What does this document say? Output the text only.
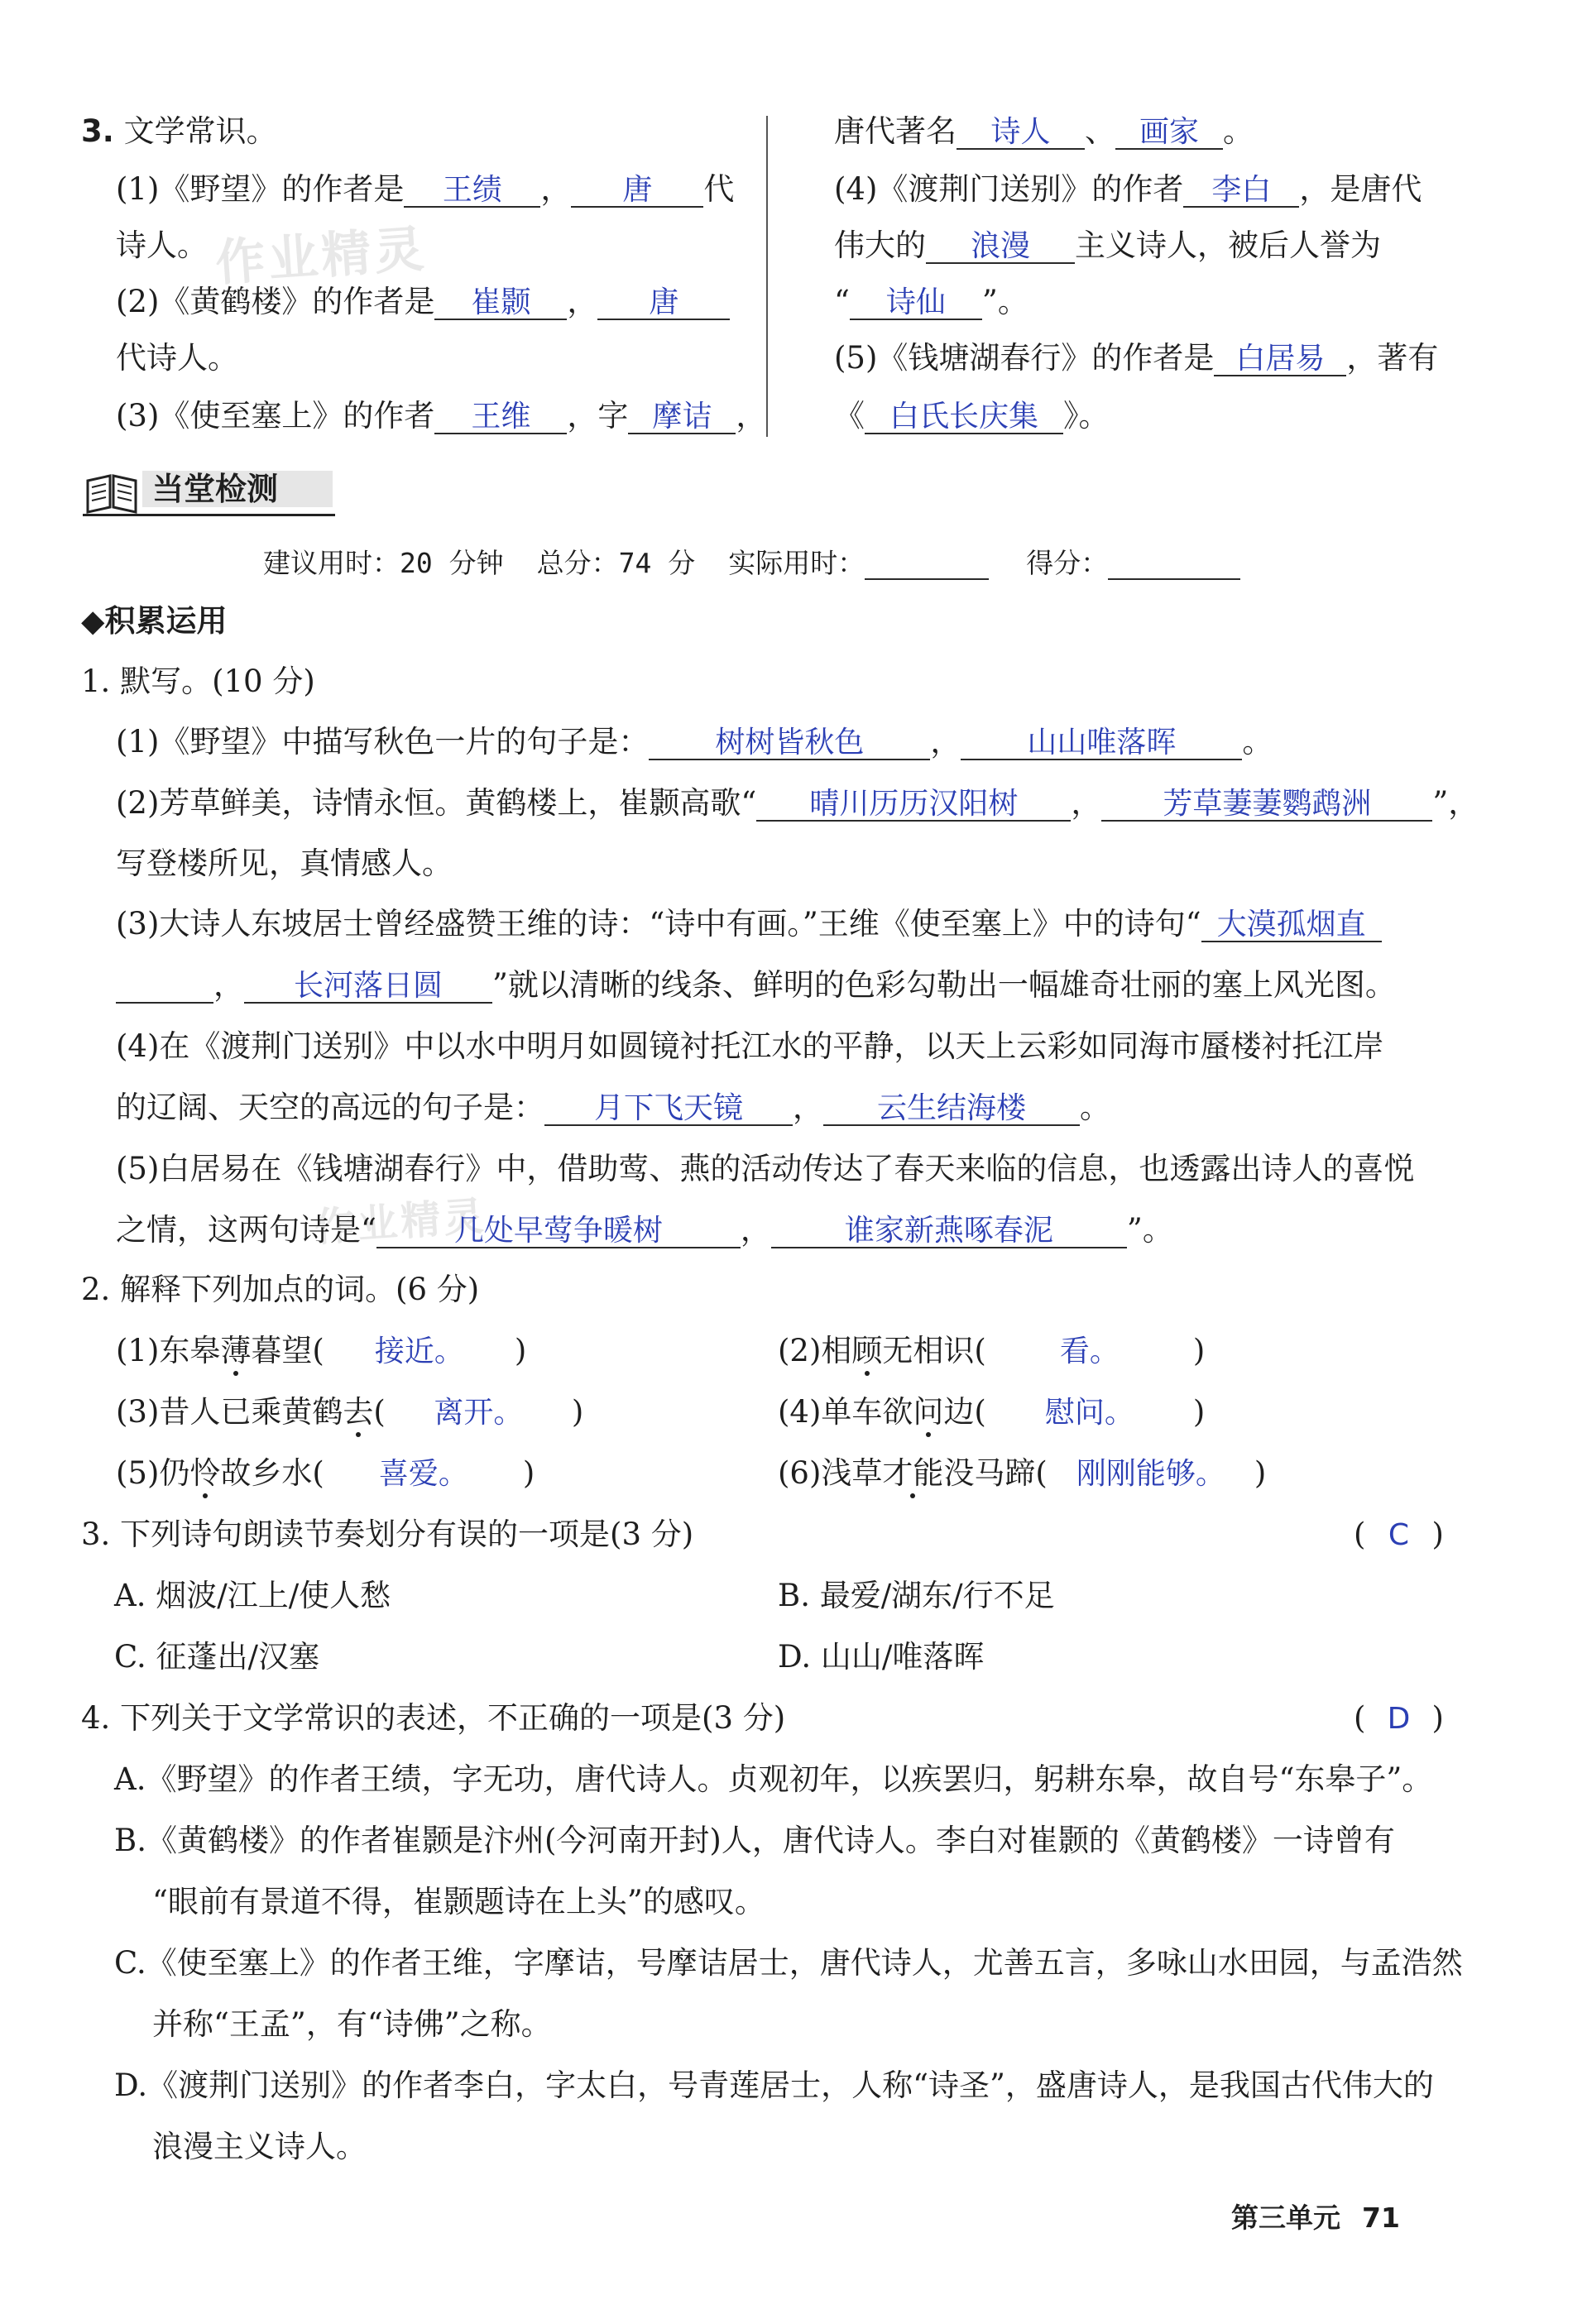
作业精灵
作业精灵
3. 文学常识。
(1)《野望》的作者是 王绩 ， 唐 代
诗人。
(2)《黄鹤楼》的作者是 崔颢 ， 唐
代诗人。
(3)《使至塞上》的作者 王维 ，字 摩诘 ，
唐代著名 诗人 、 画家 。
(4)《渡荆门送别》的作者 李白 ，是唐代
伟大的 浪漫 主义诗人，被后人誉为
“ 诗仙 ”。
(5)《钱塘湖春行》的作者是 白居易 ，著有
《 白氏长庆集 》。
当堂检测
建议用时：20 分钟 总分：74 分 实际用时：	得分：
◆积累运用
1. 默写。(10 分)
(1)《野望》中描写秋色一片的句子是： 树树皆秋色 ， 山山唯落晖 。
(2)芳草鲜美，诗情永恒。黄鹤楼上，崔颢高歌“ 晴川历历汉阳树 ， 芳草萋萋鹦鹉洲 ”，
写登楼所见，真情感人。
(3)大诗人东坡居士曾经盛赞王维的诗：“诗中有画。”王维《使至塞上》中的诗句“ 大漠孤烟直
， 长河落日圆 ”就以清晰的线条、鲜明的色彩勾勒出一幅雄奇壮丽的塞上风光图。
(4)在《渡荆门送别》中以水中明月如圆镜衬托江水的平静，以天上云彩如同海市蜃楼衬托江岸
的辽阔、天空的高远的句子是： 月下飞天镜 ， 云生结海楼 。
(5)白居易在《钱塘湖春行》中，借助莺、燕的活动传达了春天来临的信息，也透露出诗人的喜悦
之情，这两句诗是“	几处早莺争暖树	， 谁家新燕啄春泥 ”。
2. 解释下列加点的词。(6 分)
(1)东皋薄暮望( 接近。 )	(2)相顾无相识( 看。 )
(3)昔人已乘黄鹤去( 离开。 )	(4)单车欲问边( 慰问。 )
(5)仍怜故乡水( 喜爱。 )	(6)浅草才能没马蹄( 刚刚能够。 )
3. 下列诗句朗读节奏划分有误的一项是(3 分)	( C )
A. 烟波/江上/使人愁	B. 最爱/湖东/行不足
C. 征蓬出/汉塞	D. 山山/唯落晖
4. 下列关于文学常识的表述，不正确的一项是(3 分)	( D )
A.《野望》的作者王绩，字无功，唐代诗人。贞观初年，以疾罢归，躬耕东皋，故自号“东皋子”。
B.《黄鹤楼》的作者崔颢是汴州(今河南开封)人，唐代诗人。李白对崔颢的《黄鹤楼》一诗曾有
“眼前有景道不得，崔颢题诗在上头”的感叹。
C.《使至塞上》的作者王维，字摩诘，号摩诘居士，唐代诗人，尤善五言，多咏山水田园，与孟浩然
并称“王孟”，有“诗佛”之称。
D.《渡荆门送别》的作者李白，字太白，号青莲居士，人称“诗圣”，盛唐诗人，是我国古代伟大的
浪漫主义诗人。
第三单元 71
